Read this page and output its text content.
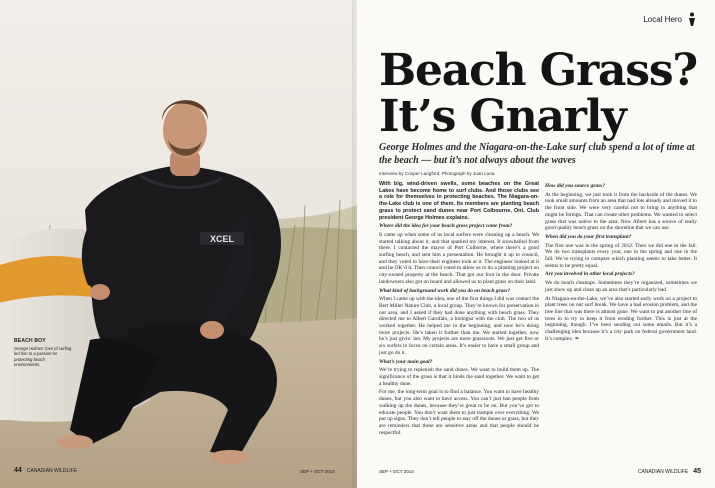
XCEL
BEACH BOY
George Holmes' love of surfing led him to a passion for protecting beach environments.
44 CANADIAN WILDLIFE	SEP + OCT 2014
Local Hero
Beach Grass?
It’s Gnarly
George Holmes and the Niagara-on-the-Lake surf club spend a lot of time at the beach — but it’s not always about the waves
Interview by Cooper Langford, Photograph by Juan Luna

With big, wind-driven swells, some beaches on the Great Lakes have become home to surf clubs. And those clubs see a role for themselves in protecting beaches. The Niagara-on-the-Lake club is one of them. Its members are planting beach grass to protect sand dunes near Port Colbourne, Ont. Club president George Holmes explains.

Where did the idea for your beach grass project come from?

It came up when some of us local surfers were cleaning up a beach. We started talking about it, and that sparked my interest. It snowballed from there. I contacted the mayor of Port Colborne, where there’s a good surfing beach, and sent him a presentation. He brought it up to council, and they voted to have their engineer look at it. The engineer looked at it and he OK’d it. Then council voted to allow us to do a planting project on city-owned property at the beach. That got our foot in the door. Private landowners also got on board and allowed us to plant grass on their land.

What kind of background work did you do on beach grass?

When I came up with the idea, one of the first things I did was contact the Bert Miller Nature Club, a local group. They’re known for preservation in our area, and I asked if they had done anything with beach grass. They directed me to Albert Garofalo, a biologist with the club. The two of us worked together. He helped me in the beginning, and now he’s doing more projects. He’s taken it further than me. We started together, now he’s just givin’ her. My projects are more grassroots. We just get five or six surfers to focus on certain areas. It’s easier to have a small group and just go do it.

What’s your main goal?

We’re trying to replenish the sand dunes. We want to build them up. The significance of the grass is that it binds the sand together. We want to get a healthy dune.

For me, the long-term goal is to find a balance. You want to have healthy dunes, but you also want to have access. You can’t just ban people from walking up the dunes, because they’re great to be on. But you’ve got to educate people. You don’t want them to just trample over everything. We put up signs. They don’t tell people to stay off the dunes or grass, but they are reminders that these are sensitive areas and that people should be respectful.

How did you source grass?

At the beginning, we just took it from the backside of the dunes. We took small amounts from an area that had lots already and moved it to the front side. We were very careful not to bring in anything that might be foreign. That can create other problems. We wanted to select grass that was native to the area. Now Albert has a source of really good quality beach grass on the shoreline that we can use.

When did you do your first transplant?

The first one was in the spring of 2012. Then we did one in the fall. We do two transplants every year, one in the spring and one in the fall. We’re trying to compare which planting seems to take better. It seems to be pretty equal.

Are you involved in other local projects?

We do beach cleanups. Sometimes they’re organized, sometimes we just show up and clean up an area that’s particularly bad.

At Niagara-on-the-Lake, we’ve also started early work on a project to plant trees on our surf break. We have a bad erosion problem, and the tree line that was there is almost gone. We want to put another line of trees in to try to keep it from eroding further. This is just at the beginning, though. I’ve been sending out some emails. But it’s a challenging idea because it’s a city park on federal government land. It’s complex. ❧

SEP + OCT 2014	CANADIAN WILDLIFE 45
